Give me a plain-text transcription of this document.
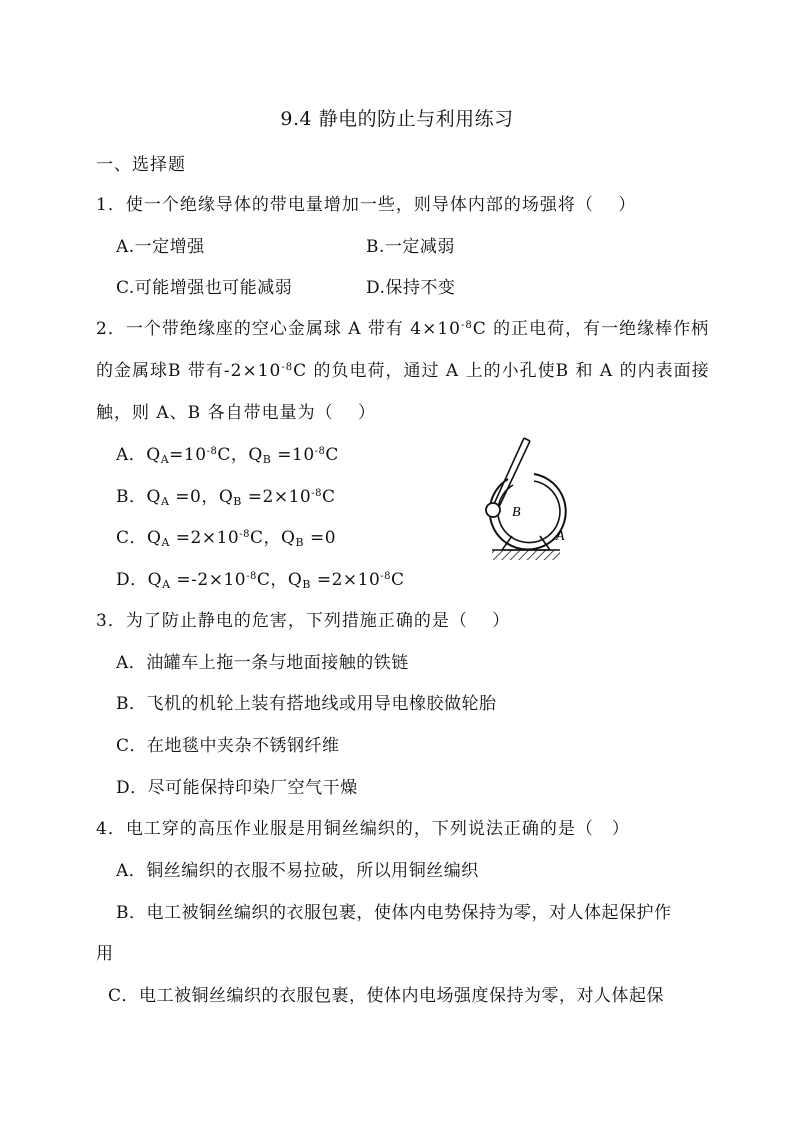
9.4 静电的防止与利用练习
一、选择题
1．使一个绝缘导体的带电量增加一些，则导体内部的场强将（　 ）
A.一定增强	B.一定减弱
C.可能增强也可能减弱	D.保持不变
2．一个带绝缘座的空心金属球 A 带有 $4\times 10^{-8}C$ 的正电荷，有一绝缘棒作柄
的金属球B 带有$-2\times 10^{-8}C$ 的负电荷，通过 A 上的小孔使B 和 A 的内表面接
触，则 A、B 各自带电量为（　 ）
A．$Q_A=10^{-8}C$，$Q_B =10^{-8}C$
B．$Q_A =0$，$Q_B =2\times 10^{-8}C$
C．$Q_A =2\times 10^{-8}C$，$Q_B =0$
D．$Q_A =-2\times 10^{-8}C$，$Q_B =2\times 10^{-8}C$
B
A
3．为了防止静电的危害，下列措施正确的是（　 ）
A．油罐车上拖一条与地面接触的铁链
B．飞机的机轮上装有搭地线或用导电橡胶做轮胎
C．在地毯中夹杂不锈钢纤维
D．尽可能保持印染厂空气干燥
4．电工穿的高压作业服是用铜丝编织的，下列说法正确的是（　）
A．铜丝编织的衣服不易拉破，所以用铜丝编织
B．电工被铜丝编织的衣服包裹，使体内电势保持为零，对人体起保护作
用
C．电工被铜丝编织的衣服包裹，使体内电场强度保持为零，对人体起保
